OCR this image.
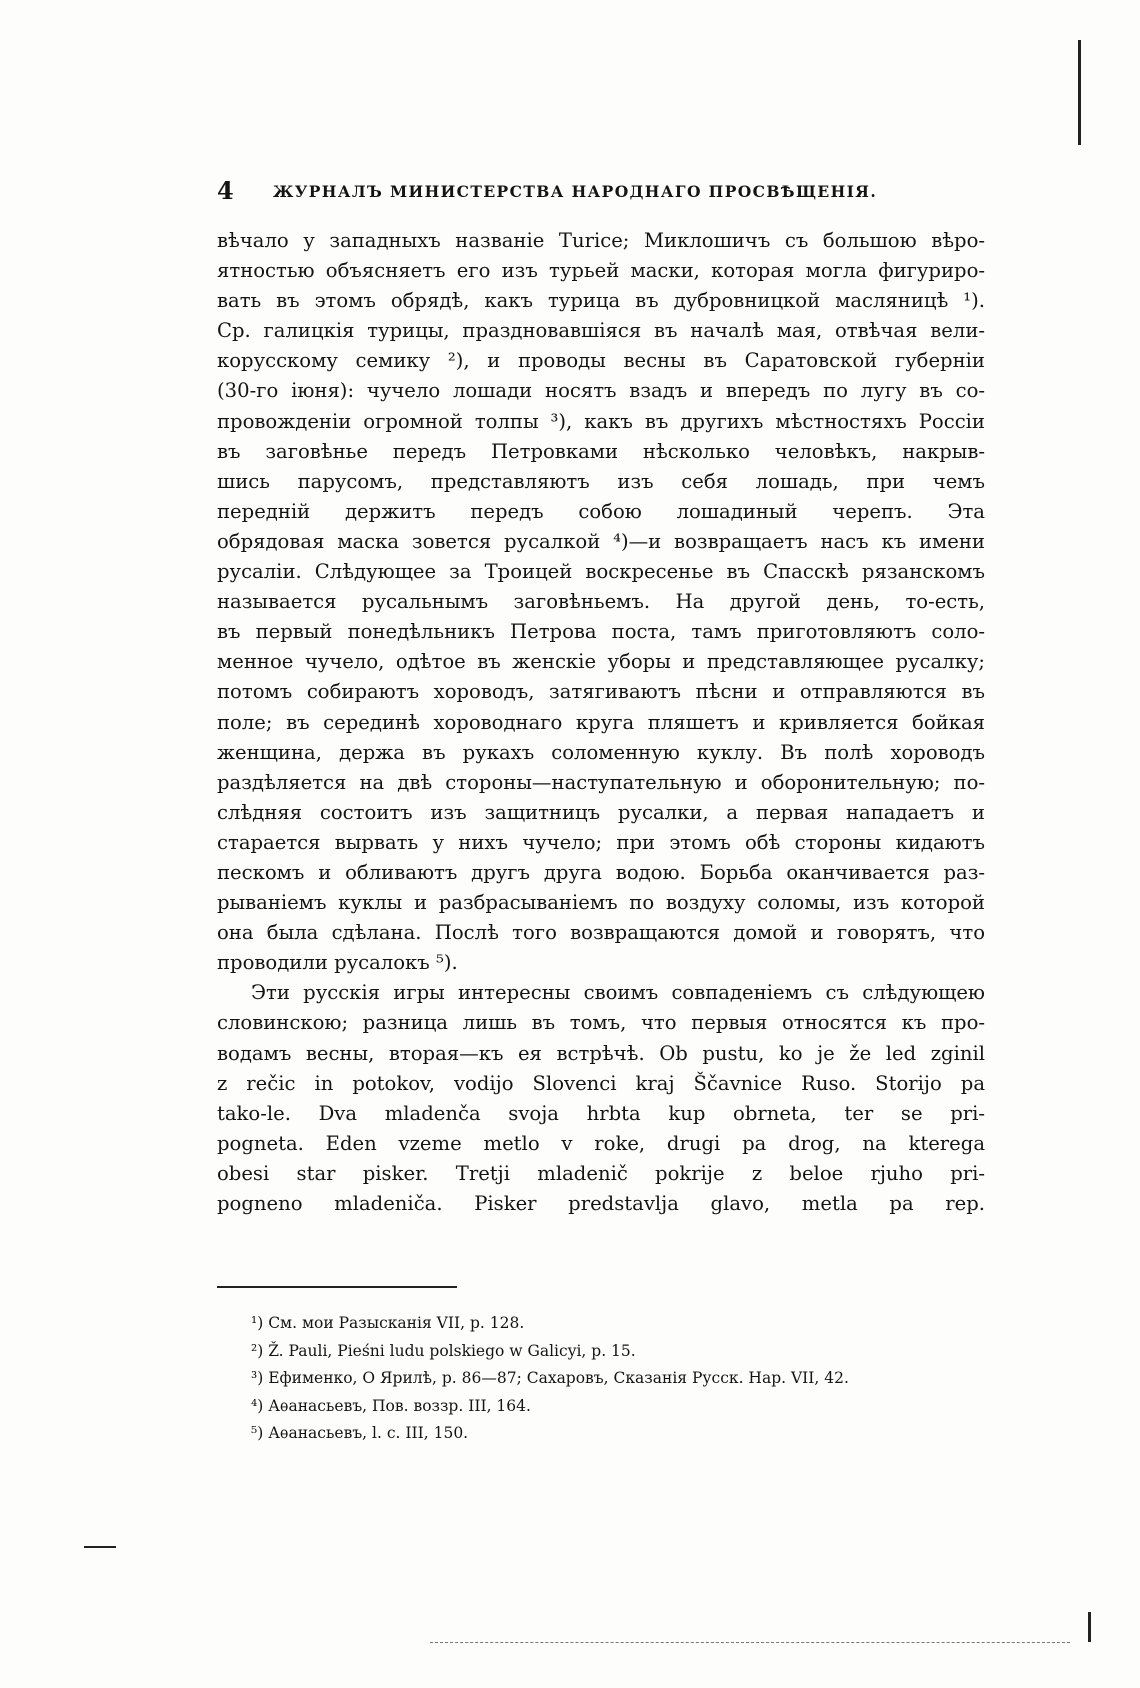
4	ЖУРНАЛЪ МИНИСТЕРСТВА НАРОДНАГО ПРОСВѢЩЕНІЯ.
вѣчало у западныхъ названіе Turice; Миклошичъ съ большою вѣро-
ятностью объясняетъ его изъ турьей маски, которая могла фигуриро-
вать въ этомъ обрядѣ, какъ турица въ дубровницкой масляницѣ ¹).
Ср. галицкія турицы, праздновавшіяся въ началѣ мая, отвѣчая вели-
корусскому семику ²), и проводы весны въ Саратовской губерніи
(30-го іюня): чучело лошади носятъ взадъ и впередъ по лугу въ со-
провожденіи огромной толпы ³), какъ въ другихъ мѣстностяхъ Россіи
въ заговѣнье передъ Петровками нѣсколько человѣкъ, накрыв-
шись парусомъ, представляютъ изъ себя лошадь, при чемъ
передній держитъ передъ собою лошадиный черепъ. Эта
обрядовая маска зовется русалкой ⁴)—и возвращаетъ насъ къ имени
русаліи. Слѣдующее за Троицей воскресенье въ Спасскѣ рязанскомъ
называется русальнымъ заговѣньемъ. На другой день, то-есть,
въ первый понедѣльникъ Петрова поста, тамъ приготовляютъ соло-
менное чучело, одѣтое въ женскіе уборы и представляющее русалку;
потомъ собираютъ хороводъ, затягиваютъ пѣсни и отправляются въ
поле; въ серединѣ хороводнаго круга пляшетъ и кривляется бойкая
женщина, держа въ рукахъ соломенную куклу. Въ полѣ хороводъ
раздѣляется на двѣ стороны—наступательную и оборонительную; по-
слѣдняя состоитъ изъ защитницъ русалки, а первая нападаетъ и
старается вырвать у нихъ чучело; при этомъ обѣ стороны кидаютъ
пескомъ и обливаютъ другъ друга водою. Борьба оканчивается раз-
рываніемъ куклы и разбрасываніемъ по воздуху соломы, изъ которой
она была сдѣлана. Послѣ того возвращаются домой и говорятъ, что
проводили русалокъ ⁵).
Эти русскія игры интересны своимъ совпаденіемъ съ слѣдующею
словинскою; разница лишь въ томъ, что первыя относятся къ про-
водамъ весны, вторая—къ ея встрѣчѣ. Ob pustu, ko je že led zginil
z rečic in potokov, vodijo Slovenci kraj Ščavnice Ruso. Storijo pa
tako-le. Dva mladenča svoja hrbta kup obrneta, ter se pri-
pogneta. Eden vzeme metlo v roke, drugi pa drog, na kterega
obesi star pisker. Tretji mladenič pokrije z beloe rjuho pri-
pogneno mladeniča. Pisker predstavlja glavo, metla pa rep.
¹) См. мои Разысканія VII, р. 128.
²) Ž. Pauli, Pieśni ludu polskiego w Galicyi, p. 15.
³) Ефименко, О Ярилѣ, р. 86—87; Сахаровъ, Сказанія Русск. Нар. VII, 42.
⁴) Аѳанасьевъ, Пов. воззр. III, 164.
⁵) Аѳанасьевъ, l. c. III, 150.
